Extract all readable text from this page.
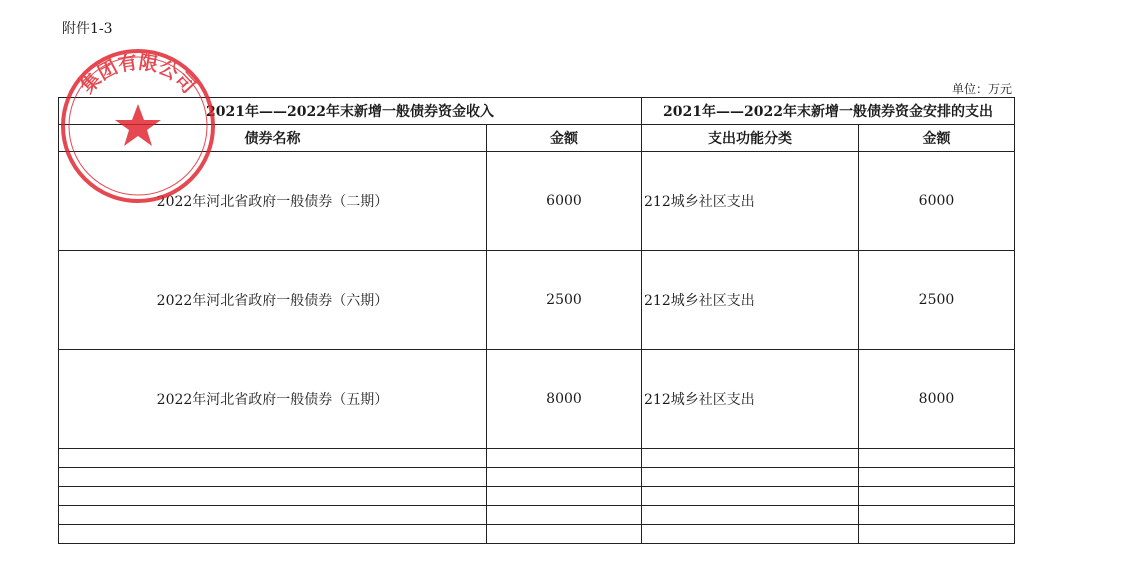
附件1-3
单位：万元
2021年——2022年末新增一般债券资金收入		2021年——2022年末新增一般债券资金安排的支出	
债券名称	金额	支出功能分类	金额
2022年河北省政府一般债券（二期）	6000	212城乡社区支出	6000
2022年河北省政府一般债券（六期）	2500	212城乡社区支出	2500
2022年河北省政府一般债券（五期）	8000	212城乡社区支出	8000

集团有限公司
